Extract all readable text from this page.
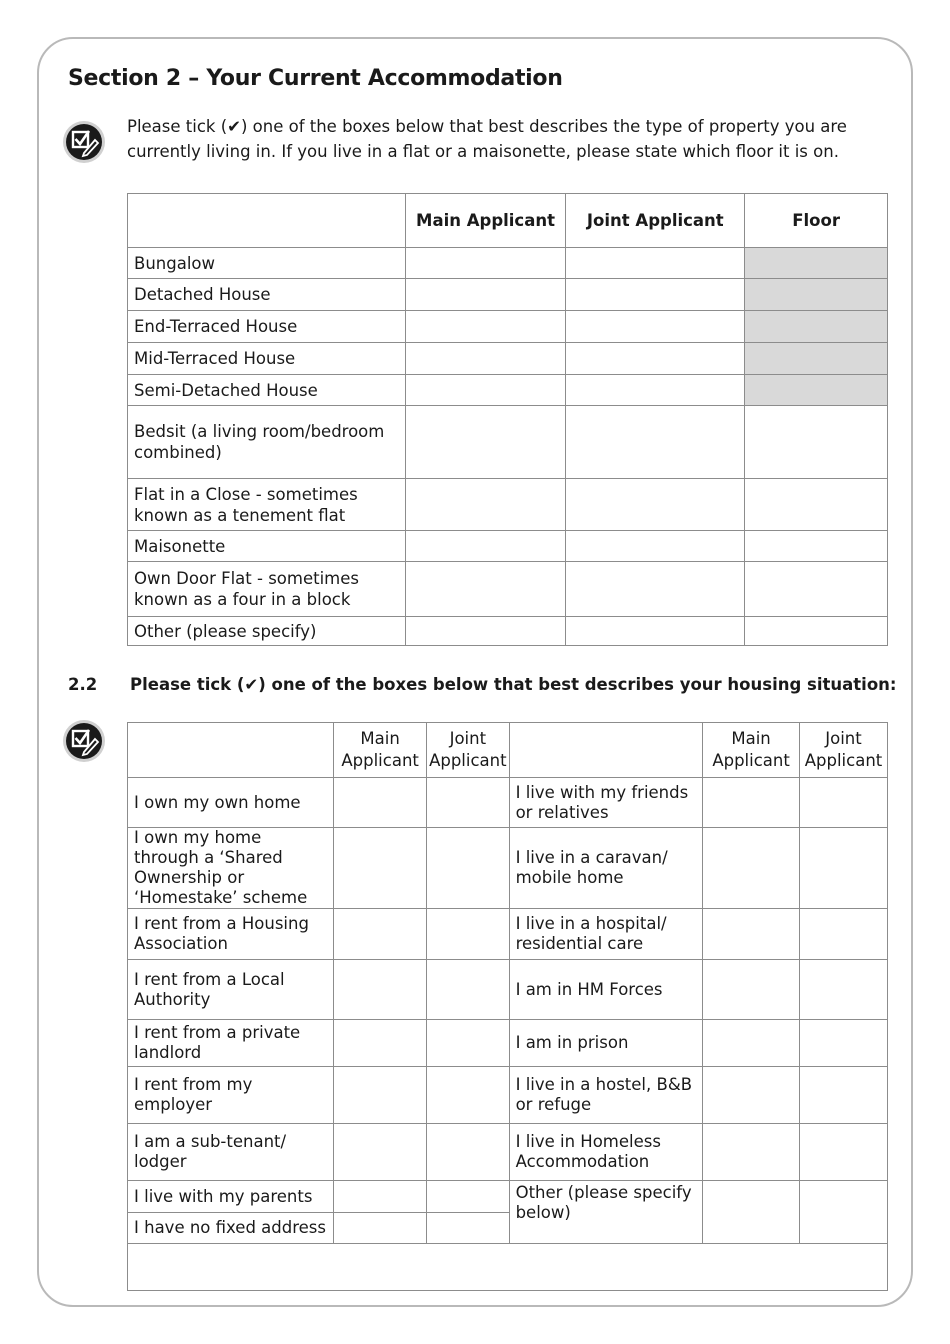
Section 2 – Your Current Accommodation
Please tick (✔) one of the boxes below that best describes the type of property you are currently living in. If you live in a flat or a maisonette, please state which floor it is on.
	Main Applicant	Joint Applicant	Floor
Bungalow			
Detached House			
End-Terraced House			
Mid-Terraced House			
Semi-Detached House			
Bedsit (a living room/bedroom combined)			
Flat in a Close - sometimes known as a tenement flat			
Maisonette			
Own Door Flat - sometimes known as a four in a block			
Other (please specify)			
2.2 Please tick (✔) one of the boxes below that best describes your housing situation:
	Main Applicant	Joint Applicant		Main Applicant	Joint Applicant
I own my own home			I live with my friends or relatives		
I own my home through a ‘Shared Ownership or ‘Homestake’ scheme			I live in a caravan/ mobile home		
I rent from a Housing Association			I live in a hospital/ residential care		
I rent from a Local Authority			I am in HM Forces		
I rent from a private landlord			I am in prison		
I rent from my employer			I live in a hostel, B&B or refuge		
I am a sub-tenant/ lodger			I live in Homeless Accommodation		
I live with my parents			Other (please specify below)		
I have no fixed address					
